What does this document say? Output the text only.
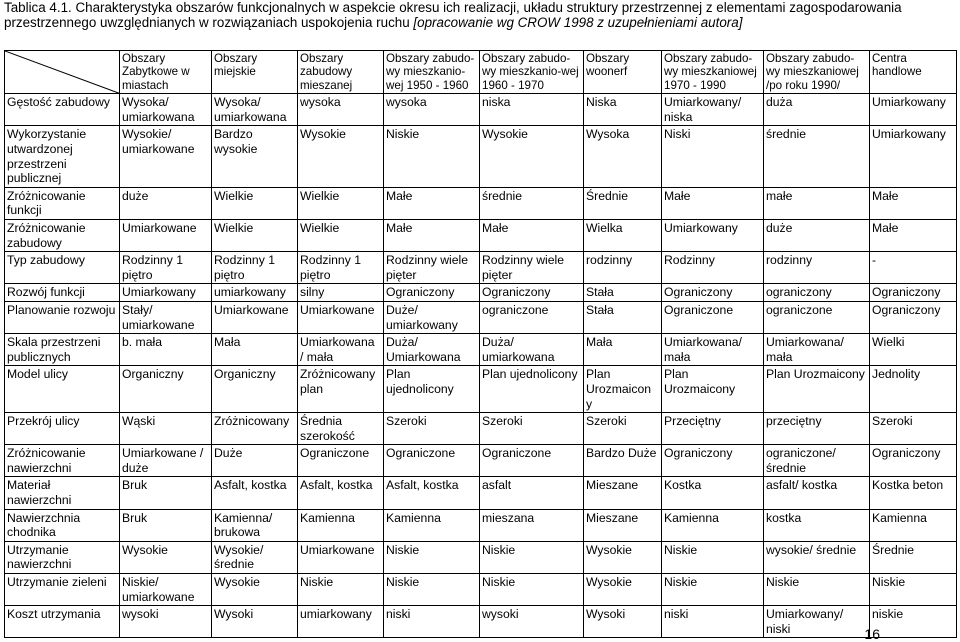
Tablica 4.1. Charakterystyka obszarów funkcjonalnych w aspekcie okresu ich realizacji, układu struktury przestrzennej z elementami zagospodarowania przestrzennego uwzględnianych w rozwiązaniach uspokojenia ruchu [opracowanie wg CROW 1998 z uzupełnieniami autora]
	Obszary Zabytkowe w miastach	Obszary miejskie	Obszary zabudowy mieszanej	Obszary zabudo-wy mieszkanio-wej 1950 - 1960	Obszary zabudo-wy mieszkanio-wej 1960 - 1970	Obszary woonerf	Obszary zabudo-wy mieszkaniowej 1970 - 1990	Obszary zabudo-wy mieszkaniowej /po roku 1990/	Centra handlowe
Gęstość zabudowy	Wysoka/ umiarkowana	Wysoka/ umiarkowana	wysoka	wysoka	niska	Niska	Umiarkowany/ niska	duża	Umiarkowany
Wykorzystanie utwardzonej przestrzeni publicznej	Wysokie/ umiarkowane	Bardzo wysokie	Wysokie	Niskie	Wysokie	Wysoka	Niski	średnie	Umiarkowany
Zróżnicowanie funkcji	duże	Wielkie	Wielkie	Małe	średnie	Średnie	Małe	małe	Małe
Zróżnicowanie zabudowy	Umiarkowane	Wielkie	Wielkie	Małe	Małe	Wielka	Umiarkowany	duże	Małe
Typ zabudowy	Rodzinny 1 piętro	Rodzinny 1 piętro	Rodzinny 1 piętro	Rodzinny wiele pięter	Rodzinny wiele pięter	rodzinny	Rodzinny	rodzinny	-
Rozwój funkcji	Umiarkowany	umiarkowany	silny	Ograniczony	Ograniczony	Stała	Ograniczony	ograniczony	Ograniczony
Planowanie rozwoju	Stały/ umiarkowane	Umiarkowane	Umiarkowane	Duże/ umiarkowany	ograniczone	Stała	Ograniczone	ograniczone	Ograniczony
Skala przestrzeni publicznych	b. mała	Mała	Umiarkowana / mała	Duża/ Umiarkowana	Duża/ umiarkowana	Mała	Umiarkowana/ mała	Umiarkowana/ mała	Wielki
Model ulicy	Organiczny	Organiczny	Zróżnicowany plan	Plan ujednolicony	Plan ujednolicony	Plan Urozmaicon y	Plan Urozmaicony	Plan Urozmaicony	Jednolity
Przekrój ulicy	Wąski	Zróżnicowany	Średnia szerokość	Szeroki	Szeroki	Szeroki	Przeciętny	przeciętny	Szeroki
Zróżnicowanie nawierzchni	Umiarkowane / duże	Duże	Ograniczone	Ograniczone	Ograniczone	Bardzo Duże	Ograniczony	ograniczone/ średnie	Ograniczony
Materiał nawierzchni	Bruk	Asfalt, kostka	Asfalt, kostka	Asfalt, kostka	asfalt	Mieszane	Kostka	asfalt/ kostka	Kostka beton
Nawierzchnia chodnika	Bruk	Kamienna/ brukowa	Kamienna	Kamienna	mieszana	Mieszane	Kamienna	kostka	Kamienna
Utrzymanie nawierzchni	Wysokie	Wysokie/ średnie	Umiarkowane	Niskie	Niskie	Wysokie	Niskie	wysokie/ średnie	Średnie
Utrzymanie zieleni	Niskie/ umiarkowane	Wysokie	Niskie	Niskie	Niskie	Wysokie	Niskie	Niskie	Niskie
Koszt utrzymania	wysoki	Wysoki	umiarkowany	niski	wysoki	Wysoki	niski	Umiarkowany/ niski	niskie
16
